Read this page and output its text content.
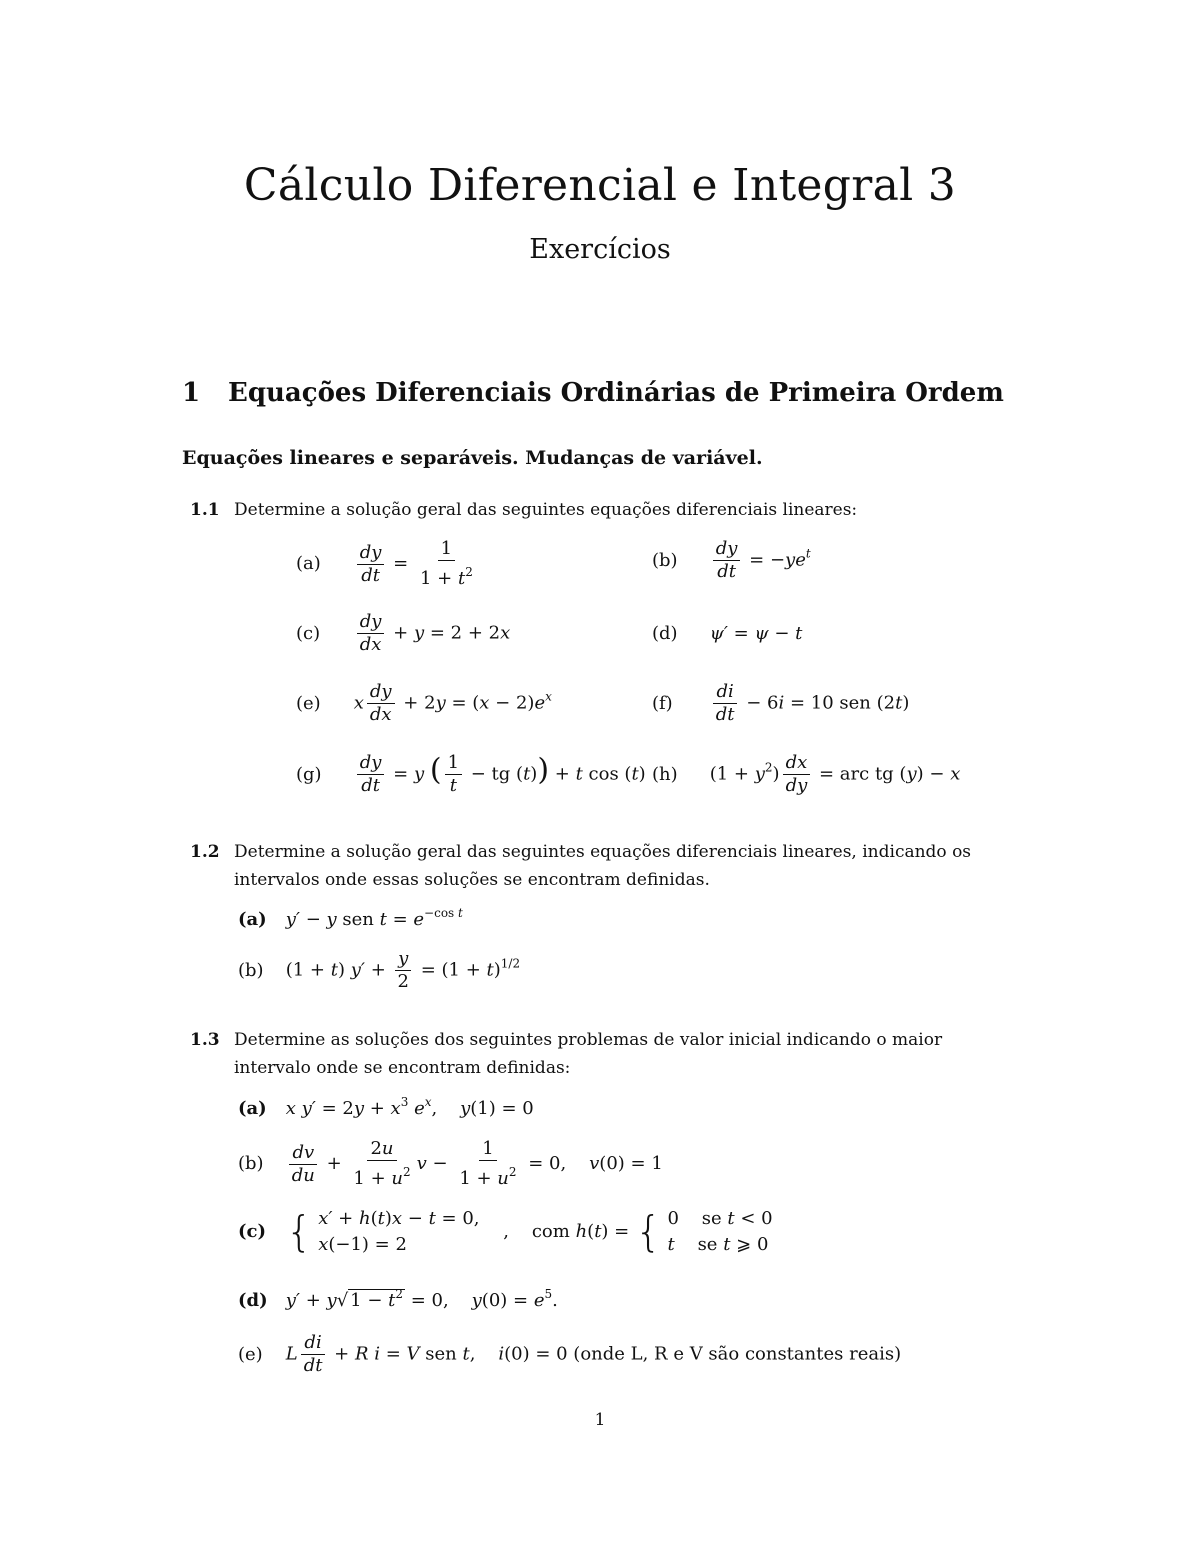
Cálculo Diferencial e Integral 3
Exercícios
1 Equações Diferenciais Ordinárias de Primeira Ordem
Equações lineares e separáveis. Mudanças de variável.
1.1 Determine a solução geral das seguintes equações diferenciais lineares:
$(a) \frac{dy}{dt} = \frac{1}{1 + t^2}$	$(b) \frac{dy}{dt} = -ye^t$
$(c) \frac{dy}{dx} + y = 2 + 2x$	(d) ψ′ = ψ − t
(e) x $\frac{dy}{dx} + 2y = (x - 2)e^x$	$(f) \frac{di}{dt} - 6i = 10$ sen (2t)
$(g) \frac{dy}{dt} = y$ ( $\frac{1}{t}$ − tg (t)) + t cos (t) (h) $(1 + y^2) \frac{dx}{dy}$ = arc tg (y) − x
1.2 Determine a solução geral das seguintes equações diferenciais lineares, indicando os
intervalos onde essas soluções se encontram definidas.
(a) y′ − y sen $t = e^{-cos t}$
(b) (1 + t) $y' + \frac{y}{2} = (1 + t)^{1/2}$
1.3 Determine as soluções dos seguintes problemas de valor inicial indicando o maior
intervalo onde se encontram definidas:
(a) x $y' = 2y + x^3$ $e^x$,    y(1) = 0
$(b) \frac{dv}{du} + \frac{2u}{1 + u^2}$ $v - \frac{1}{1 + u^2} = 0$,    v(0) = 1
(c) { x′ + h(t)x − t = 0,
x(−1) = 2
,    com h(t) = { 0    se t < 0
t    se t ⩾ 0
(d) y′ + y√ $1 - t^2 = 0$,    $y(0) = e^5$.
(e) L $\frac{di}{dt} + R$ i = V sen t,    i(0) = 0 (onde L, R e V são constantes reais)
1
